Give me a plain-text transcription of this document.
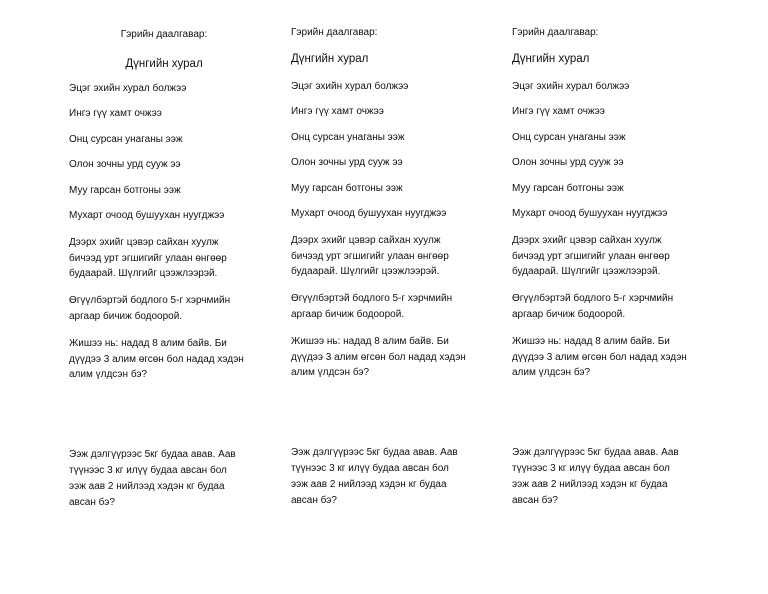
Гэрийн даалгавар:

Дүнгийн хурал

Эцэг эхийн хурал болжээ

Ингэ гүү хамт очжээ

Онц сурсан унаганы ээж

Олон зочны урд сууж ээ

Муу гарсан ботгоны ээж

Мухарт очоод бушуухан нуугджээ

Дээрх эхийг цэвэр сайхан хуулж

бичээд урт эгшигийг улаан өнгөөр

будаарай. Шүлгийг цээжлээрэй.

Өгүүлбэртэй бодлого 5-г хэрчмийн

аргаар бичиж бодоорой.

Жишээ нь: надад 8 алим байв. Би

дүүдээ 3 алим өгсөн бол надад хэдэн

алим үлдсэн бэ?

Ээж дэлгүүрээс 5кг будаа авав. Аав

түүнээс 3 кг илүү будаа авсан бол

ээж аав 2 нийлээд хэдэн кг будаа

авсан бэ?

Гэрийн даалгавар:

Дүнгийн хурал

Эцэг эхийн хурал болжээ

Ингэ гүү хамт очжээ

Онц сурсан унаганы ээж

Олон зочны урд сууж ээ

Муу гарсан ботгоны ээж

Мухарт очоод бушуухан нуугджээ

Дээрх эхийг цэвэр сайхан хуулж

бичээд урт эгшигийг улаан өнгөөр

будаарай. Шүлгийг цээжлээрэй.

Өгүүлбэртэй бодлого 5-г хэрчмийн

аргаар бичиж бодоорой.

Жишээ нь: надад 8 алим байв. Би

дүүдээ 3 алим өгсөн бол надад хэдэн

алим үлдсэн бэ?

Ээж дэлгүүрээс 5кг будаа авав. Аав

түүнээс 3 кг илүү будаа авсан бол

ээж аав 2 нийлээд хэдэн кг будаа

авсан бэ?

Гэрийн даалгавар:

Дүнгийн хурал

Эцэг эхийн хурал болжээ

Ингэ гүү хамт очжээ

Онц сурсан унаганы ээж

Олон зочны урд сууж ээ

Муу гарсан ботгоны ээж

Мухарт очоод бушуухан нуугджээ

Дээрх эхийг цэвэр сайхан хуулж

бичээд урт эгшигийг улаан өнгөөр

будаарай. Шүлгийг цээжлээрэй.

Өгүүлбэртэй бодлого 5-г хэрчмийн

аргаар бичиж бодоорой.

Жишээ нь: надад 8 алим байв. Би

дүүдээ 3 алим өгсөн бол надад хэдэн

алим үлдсэн бэ?

Ээж дэлгүүрээс 5кг будаа авав. Аав

түүнээс 3 кг илүү будаа авсан бол

ээж аав 2 нийлээд хэдэн кг будаа

авсан бэ?
